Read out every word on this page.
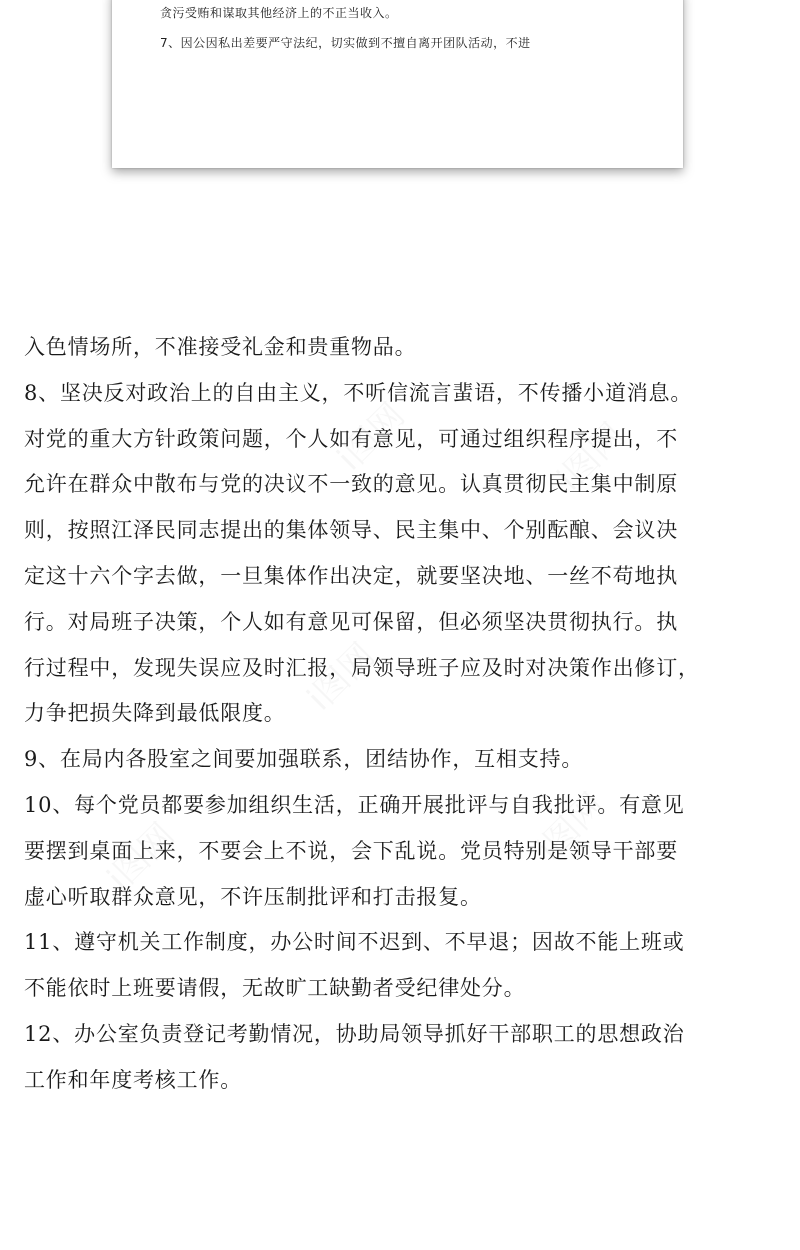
贪污受贿和谋取其他经济上的不正当收入。
7、因公因私出差要严守法纪，切实做到不擅自离开团队活动，不进
入色情场所，不准接受礼金和贵重物品。
8、坚决反对政治上的自由主义，不听信流言蜚语，不传播小道消息。
对党的重大方针政策问题，个人如有意见，可通过组织程序提出，不
允许在群众中散布与党的决议不一致的意见。认真贯彻民主集中制原
则，按照江泽民同志提出的集体领导、民主集中、个别酝酿、会议决
定这十六个字去做，一旦集体作出决定，就要坚决地、一丝不苟地执
行。对局班子决策，个人如有意见可保留，但必须坚决贯彻执行。执
行过程中，发现失误应及时汇报，局领导班子应及时对决策作出修订，
力争把损失降到最低限度。
9、在局内各股室之间要加强联系，团结协作，互相支持。
10、每个党员都要参加组织生活，正确开展批评与自我批评。有意见
要摆到桌面上来，不要会上不说，会下乱说。党员特别是领导干部要
虚心听取群众意见，不许压制批评和打击报复。
11、遵守机关工作制度，办公时间不迟到、不早退；因故不能上班或
不能依时上班要请假，无故旷工缺勤者受纪律处分。
12、办公室负责登记考勤情况，协助局领导抓好干部职工的思想政治
工作和年度考核工作。
